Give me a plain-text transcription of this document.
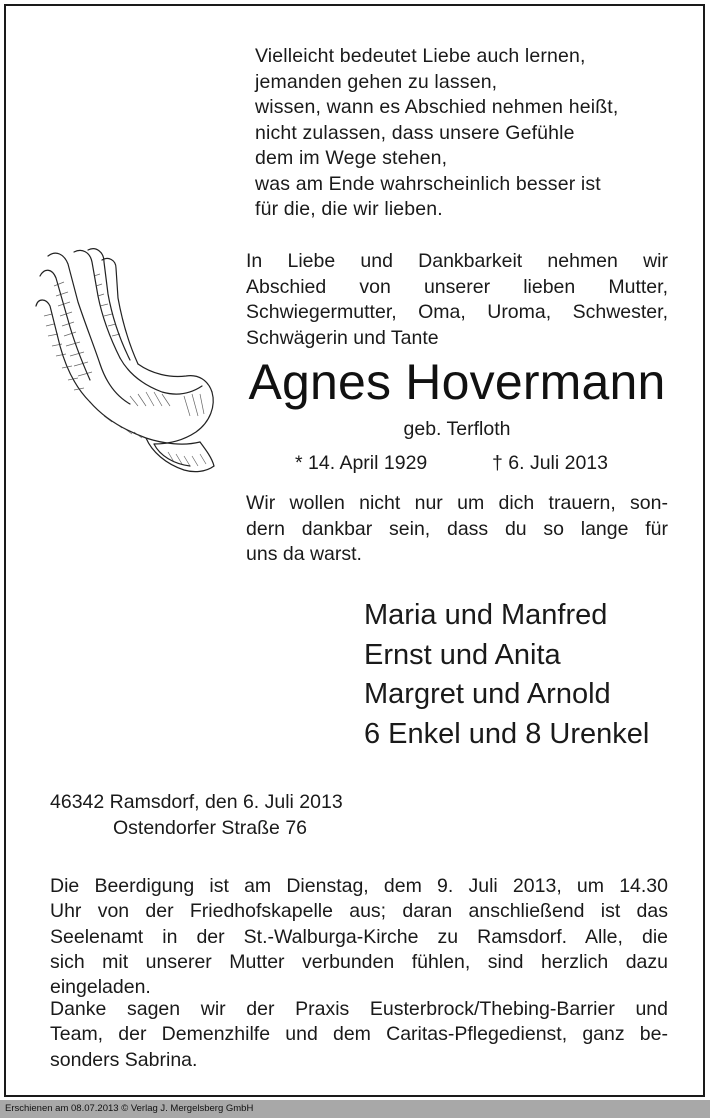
Vielleicht bedeutet Liebe auch lernen,
jemanden gehen zu lassen,
wissen, wann es Abschied nehmen heißt,
nicht zulassen, dass unsere Gefühle
dem im Wege stehen,
was am Ende wahrscheinlich besser ist
für die, die wir lieben.
In Liebe und Dankbarkeit nehmen wir
Abschied von unserer lieben Mutter,
Schwiegermutter, Oma, Uroma, Schwester,
Schwägerin und Tante
Agnes Hovermann
geb. Terfloth
* 14. April 1929	† 6. Juli 2013
Wir wollen nicht nur um dich trauern, son-
dern dankbar sein, dass du so lange für
uns da warst.
Maria und Manfred
Ernst und Anita
Margret und Arnold
6 Enkel und 8 Urenkel
46342 Ramsdorf, den 6. Juli 2013
Ostendorfer Straße 76
Die Beerdigung ist am Dienstag, dem 9. Juli 2013, um 14.30
Uhr von der Friedhofskapelle aus; daran anschließend ist das
Seelenamt in der St.-Walburga-Kirche zu Ramsdorf. Alle, die
sich mit unserer Mutter verbunden fühlen, sind herzlich dazu
eingeladen.
Danke sagen wir der Praxis Eusterbrock/Thebing-Barrier und
Team, der Demenzhilfe und dem Caritas-Pflegedienst, ganz be-
sonders Sabrina.
Erschienen am 08.07.2013 © Verlag J. Mergelsberg GmbH
